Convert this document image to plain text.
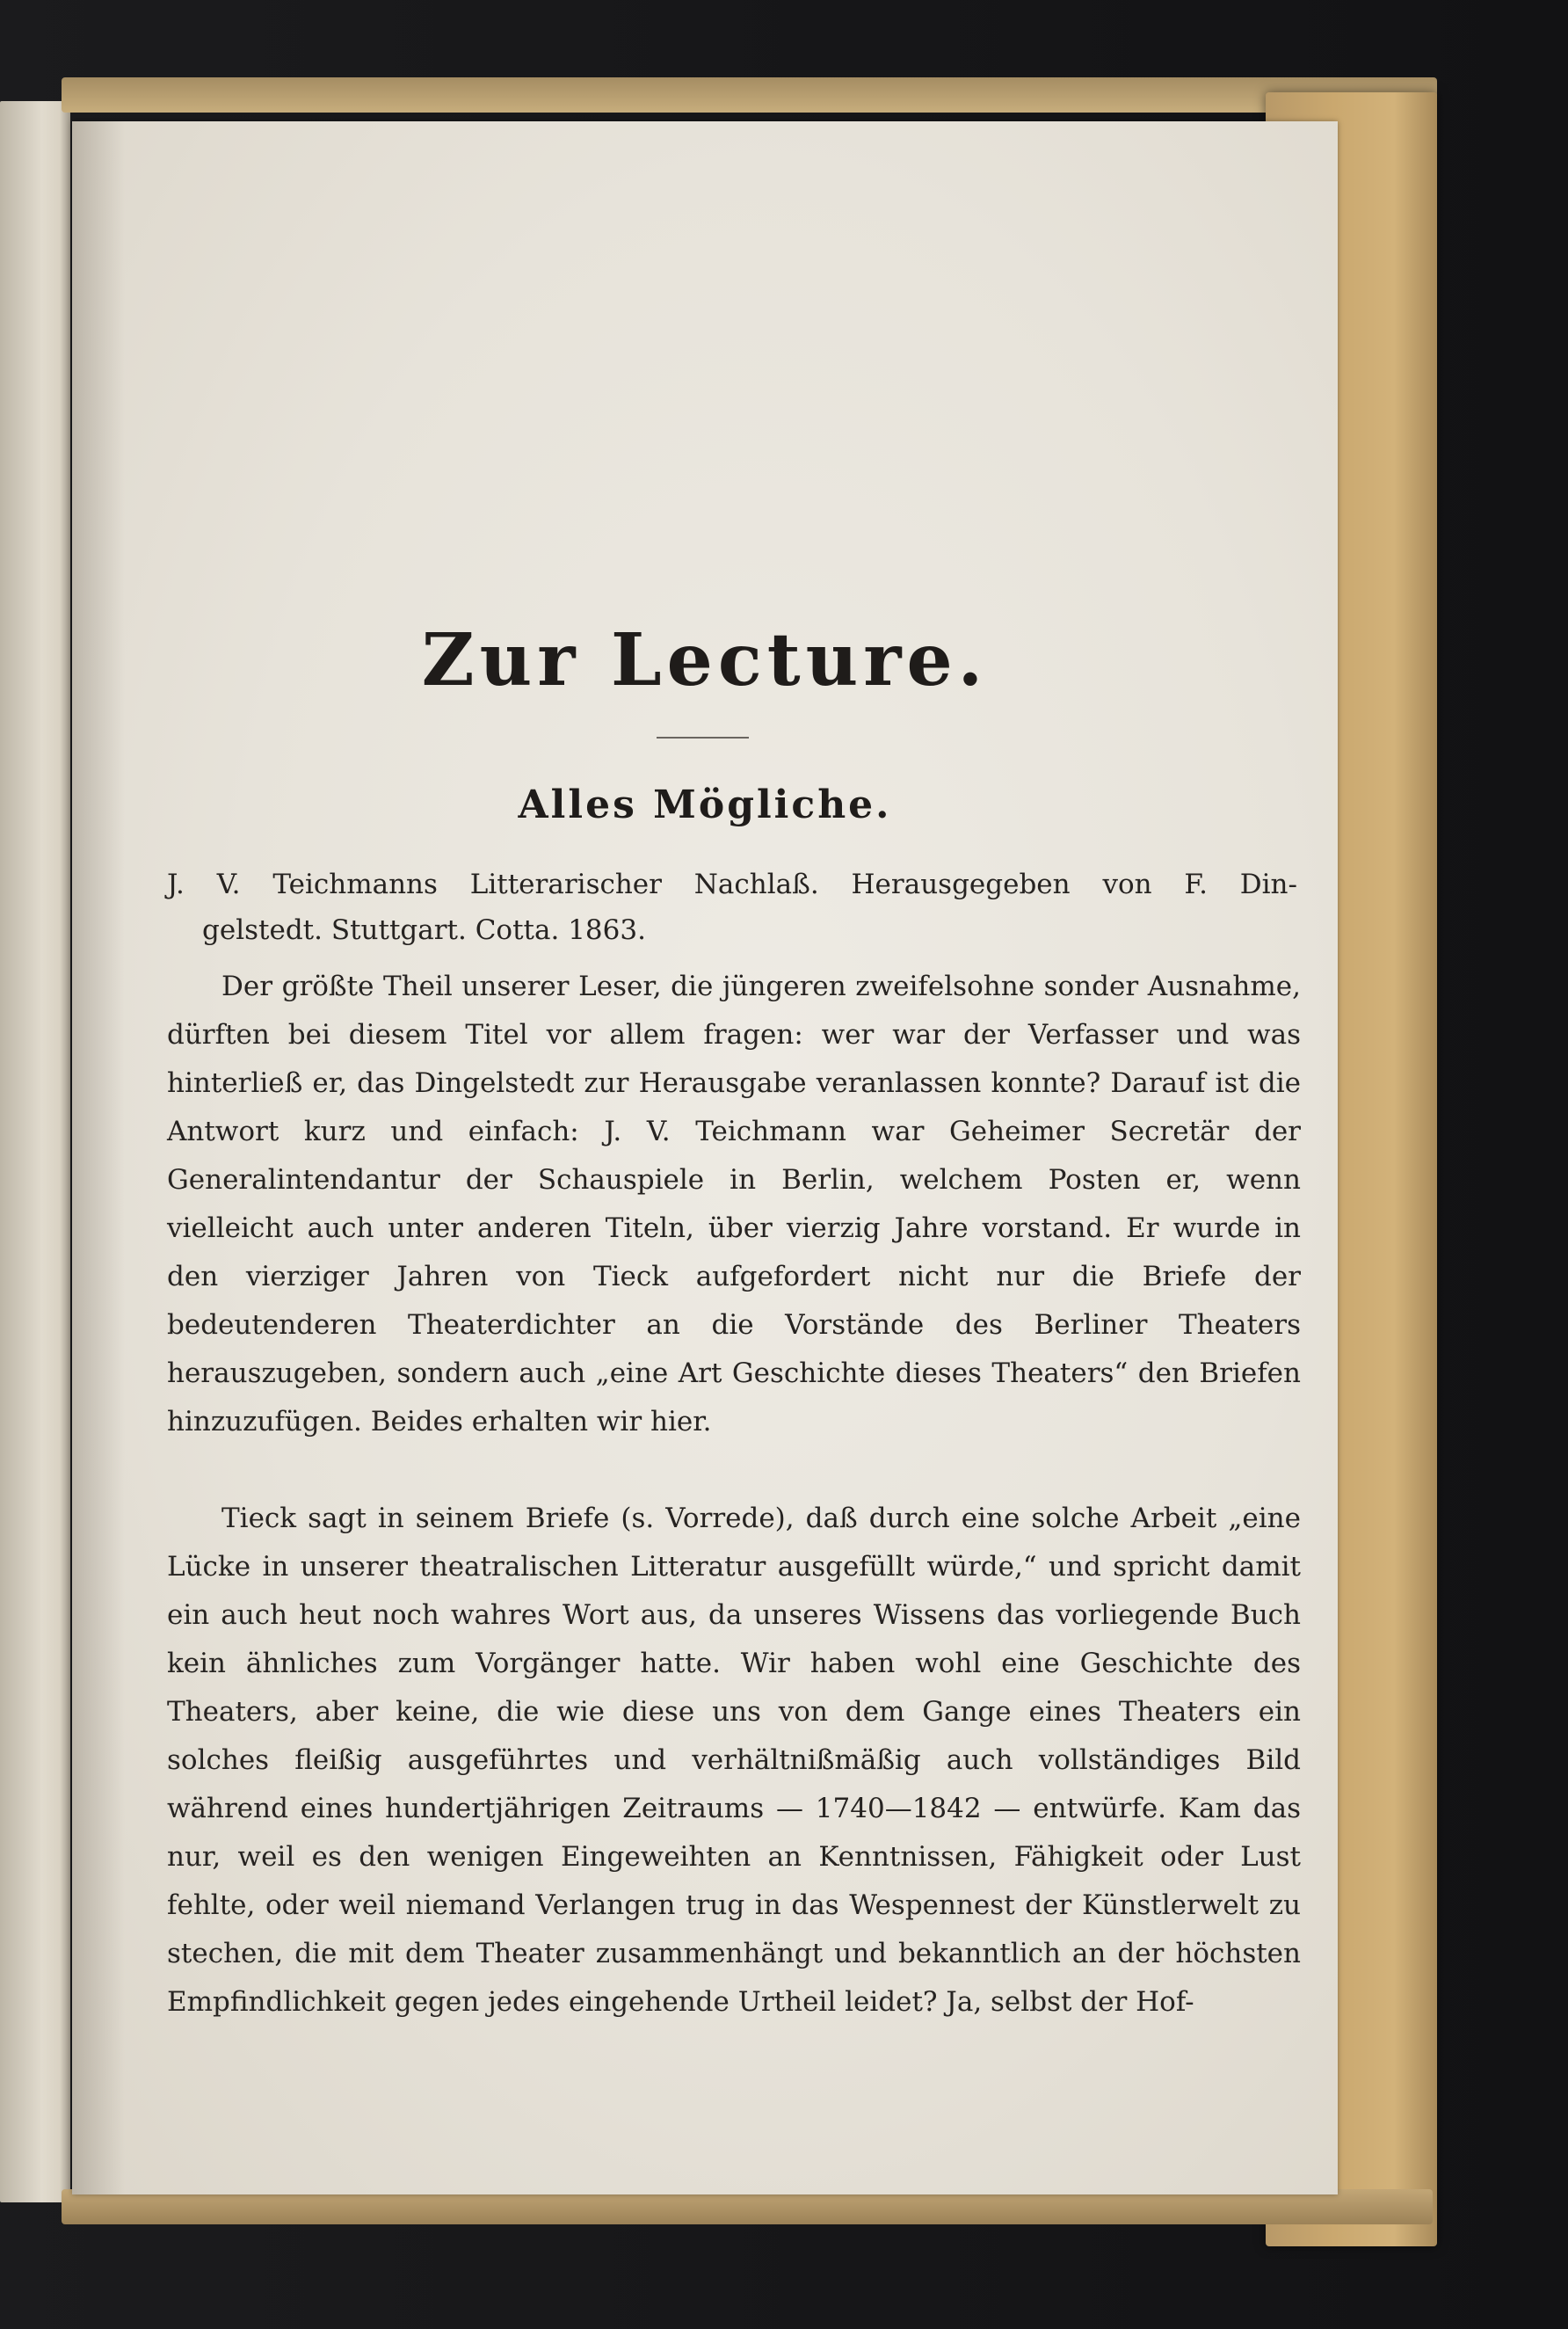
Zur Lecture.
Alles Mögliche.
J. V. Teichmanns Litterarischer Nachlaß. Herausgegeben von F. Din-
gelstedt. Stuttgart. Cotta. 1863.
Der größte Theil unserer Leser, die jüngeren zweifelsohne sonder Ausnahme, dürften bei diesem Titel vor allem fragen: wer war der Verfasser und was hinterließ er, das Dingelstedt zur Herausgabe veranlassen konnte? Darauf ist die Antwort kurz und einfach: J. V. Teichmann war Geheimer Secretär der Generalintendantur der Schauspiele in Berlin, welchem Posten er, wenn vielleicht auch unter anderen Titeln, über vierzig Jahre vorstand. Er wurde in den vierziger Jahren von Tieck aufgefordert nicht nur die Briefe der bedeutenderen Theaterdichter an die Vorstände des Berliner Theaters herauszugeben, sondern auch „eine Art Geschichte dieses Theaters“ den Briefen hinzuzufügen. Beides erhalten wir hier.
Tieck sagt in seinem Briefe (s. Vorrede), daß durch eine solche Arbeit „eine Lücke in unserer theatralischen Litteratur ausgefüllt würde,“ und spricht damit ein auch heut noch wahres Wort aus, da unseres Wissens das vorliegende Buch kein ähnliches zum Vorgänger hatte. Wir haben wohl eine Geschichte des Theaters, aber keine, die wie diese uns von dem Gange eines Theaters ein solches fleißig ausgeführtes und verhältnißmäßig auch vollständiges Bild während eines hundertjährigen Zeitraums — 1740—1842 — entwürfe. Kam das nur, weil es den wenigen Eingeweihten an Kenntnissen, Fähigkeit oder Lust fehlte, oder weil niemand Verlangen trug in das Wespennest der Künstlerwelt zu stechen, die mit dem Theater zusammenhängt und bekanntlich an der höchsten Empfindlichkeit gegen jedes eingehende Urtheil leidet? Ja, selbst der Hof-
